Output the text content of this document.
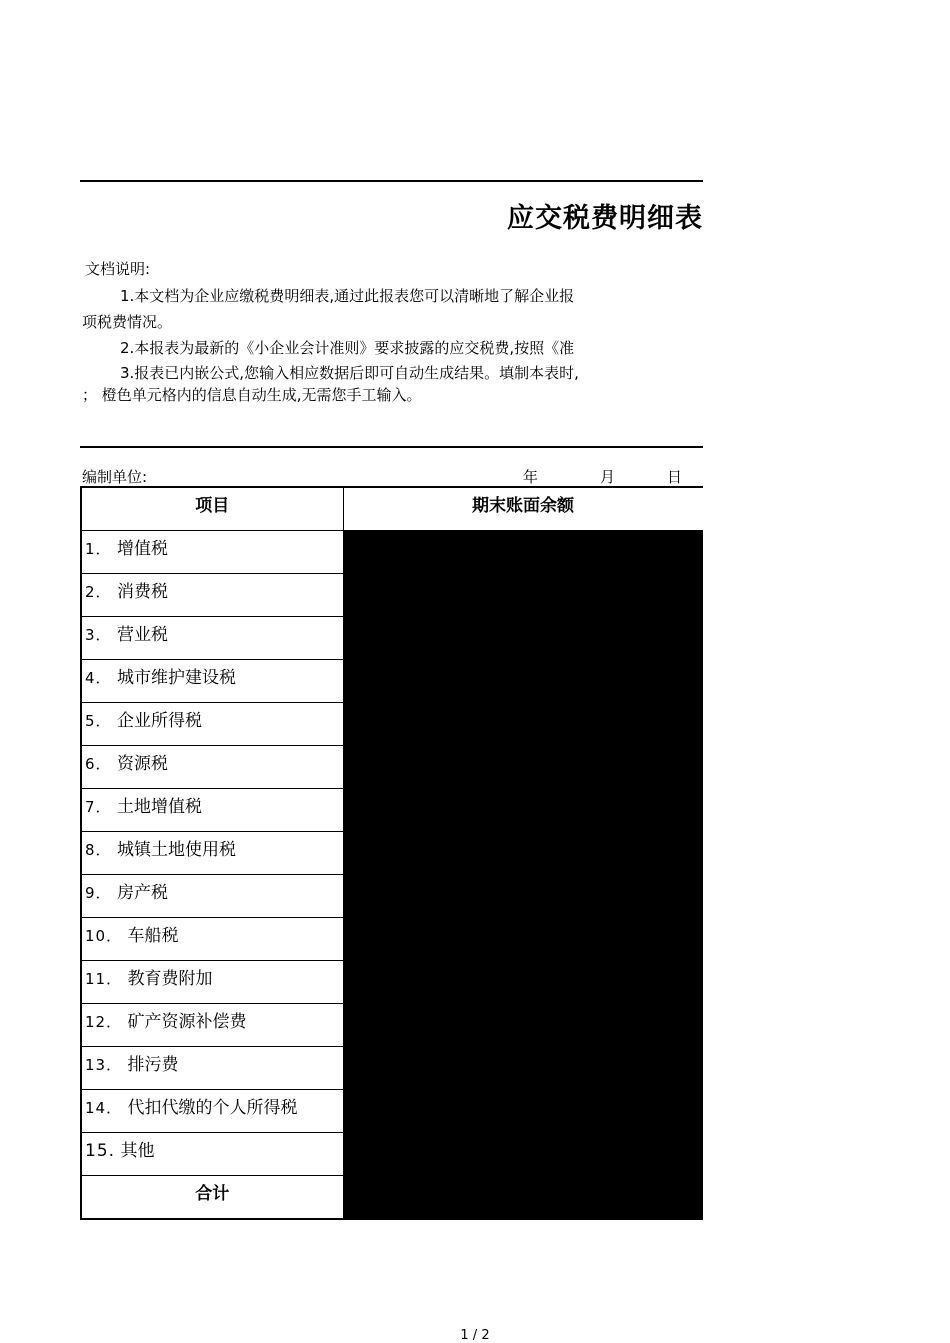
应交税费明细表
文档说明:
1.本文档为企业应缴税费明细表,通过此报表您可以清晰地了解企业报
项税费情况。
2.本报表为最新的《小企业会计准则》要求披露的应交税费,按照《准
3.报表已内嵌公式,您输入相应数据后即可自动生成结果。填制本表时,
； 橙色单元格内的信息自动生成,无需您手工输入。
编制单位:	年	月	日
项目	期末账面余额	
1． 增值税		
2． 消费税		
3． 营业税		
4． 城市维护建设税		
5． 企业所得税		
6． 资源税		
7． 土地增值税		
8． 城镇土地使用税		
9． 房产税		
10． 车船税		
11． 教育费附加		
12． 矿产资源补偿费		
13． 排污费		
14． 代扣代缴的个人所得税		
15. 其他		
合计		
1 / 2
